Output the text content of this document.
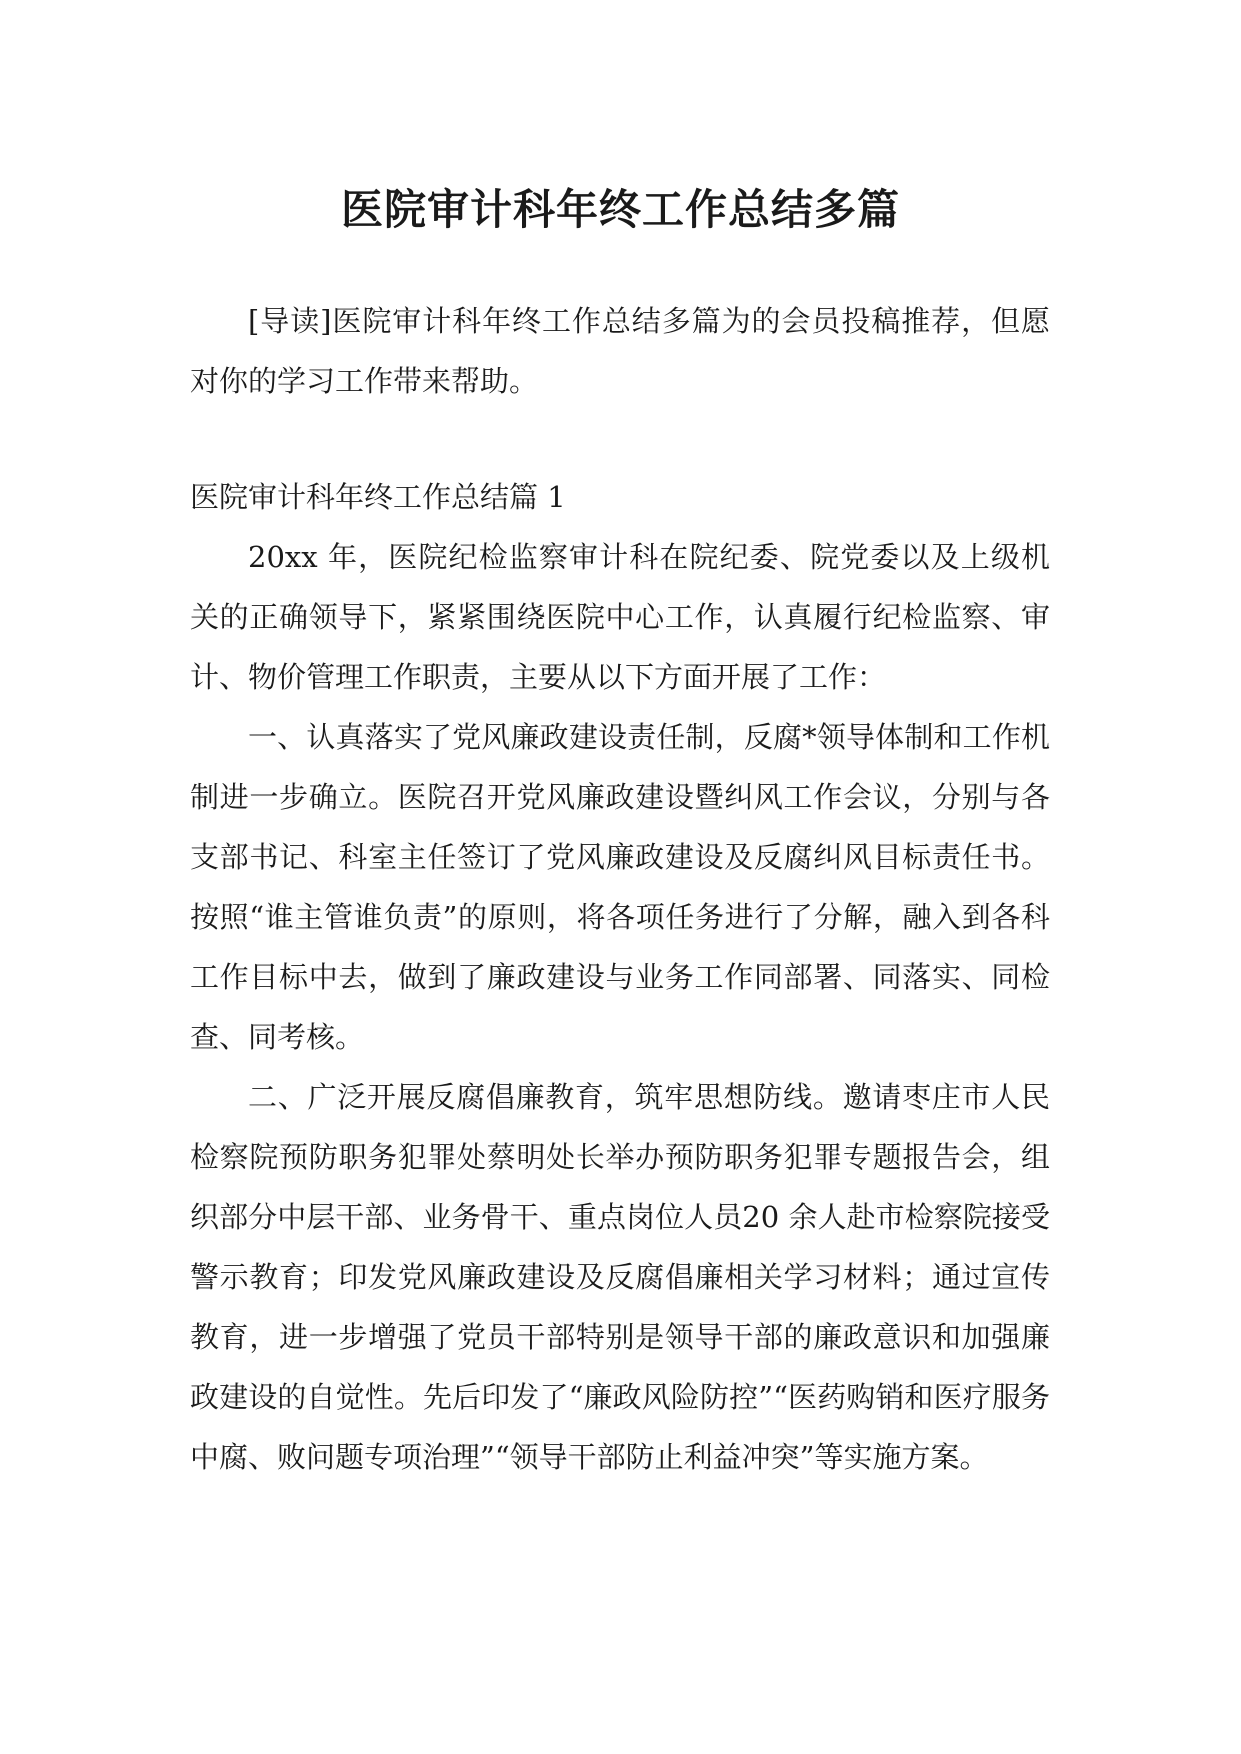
医院审计科年终工作总结多篇

[导读]医院审计科年终工作总结多篇为的会员投稿推荐，但愿对你的学习工作带来帮助。

医院审计科年终工作总结篇 1

20xx 年，医院纪检监察审计科在院纪委、院党委以及上级机关的正确领导下，紧紧围绕医院中心工作，认真履行纪检监察、审计、物价管理工作职责，主要从以下方面开展了工作：

一、认真落实了党风廉政建设责任制，反腐*领导体制和工作机制进一步确立。医院召开党风廉政建设暨纠风工作会议，分别与各支部书记、科室主任签订了党风廉政建设及反腐纠风目标责任书。按照“谁主管谁负责”的原则，将各项任务进行了分解，融入到各科工作目标中去，做到了廉政建设与业务工作同部署、同落实、同检查、同考核。

二、广泛开展反腐倡廉教育，筑牢思想防线。邀请枣庄市人民检察院预防职务犯罪处蔡明处长举办预防职务犯罪专题报告会，组织部分中层干部、业务骨干、重点岗位人员20 余人赴市检察院接受警示教育；印发党风廉政建设及反腐倡廉相关学习材料；通过宣传教育，进一步增强了党员干部特别是领导干部的廉政意识和加强廉政建设的自觉性。先后印发了“廉政风险防控”“医药购销和医疗服务中腐、败问题专项治理”“领导干部防止利益冲突”等实施方案。
